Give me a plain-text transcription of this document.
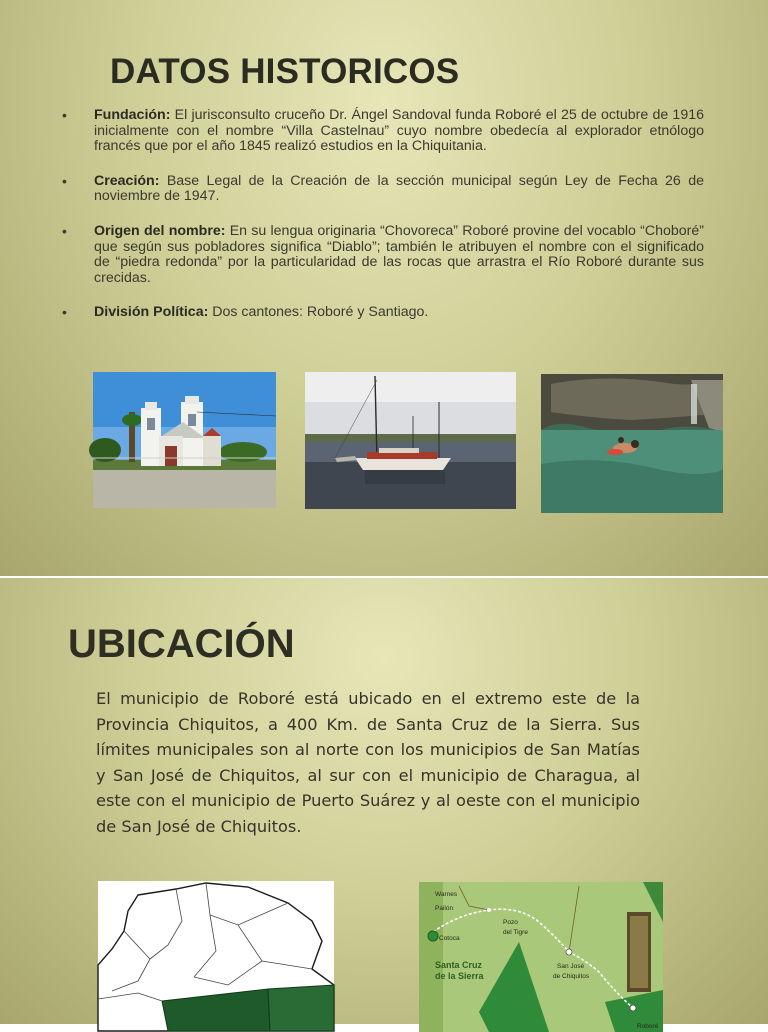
DATOS HISTORICOS
• Fundación: El jurisconsulto cruceño Dr. Ángel Sandoval funda Roboré el 25 de octubre de 1916 inicialmente con el nombre “Villa Castelnau” cuyo nombre obedecía al explorador etnólogo francés que por el año 1845 realizó estudios en la Chiquitania.
• Creación: Base Legal de la Creación de la sección municipal según Ley de Fecha 26 de noviembre de 1947.
• Origen del nombre: En su lengua originaria “Chovoreca” Roboré provine del vocablo “Choboré” que según sus pobladores significa “Diablo”; también le atribuyen el nombre con el significado de “piedra redonda” por la particularidad de las rocas que arrastra el Río Roboré durante sus crecidas.
• División Política: Dos cantones: Roboré y Santiago.
UBICACIÓN

El municipio de Roboré está ubicado en el extremo este de la Provincia Chiquitos, a 400 Km. de Santa Cruz de la Sierra. Sus límites municipales son al norte con los municipios de San Matías y San José de Chiquitos, al sur con el municipio de Charagua, al este con el municipio de Puerto Suárez y al oeste con el municipio de San José de Chiquitos.

Warnes
Pailón
Cotoca
Pozo
del Tigre
Santa Cruz
de la Sierra
San José
de Chiquitos
Roboré
